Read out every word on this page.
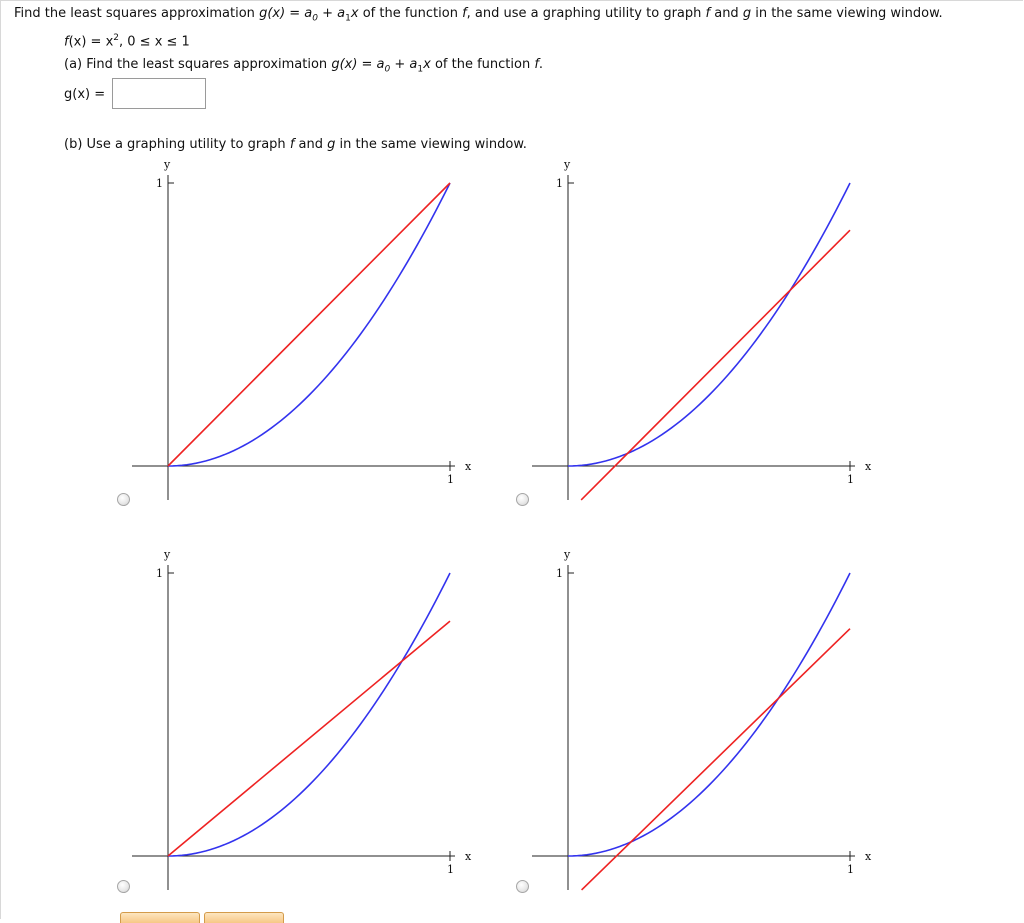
Find the least squares approximation $g(x) = a_0 + a_1x$ of the function f, and use a graphing utility to graph f and g in the same viewing window.
$f(x) = x^2$, 0 ≤ x ≤ 1
(a) Find the least squares approximation $g(x) = a_0 + a_1x$ of the function f.
g(x) =
(b) Use a graphing utility to graph f and g in the same viewing window.
y
1
x
1
y
1
x
1
y
1
x
1
y
1
x
1
